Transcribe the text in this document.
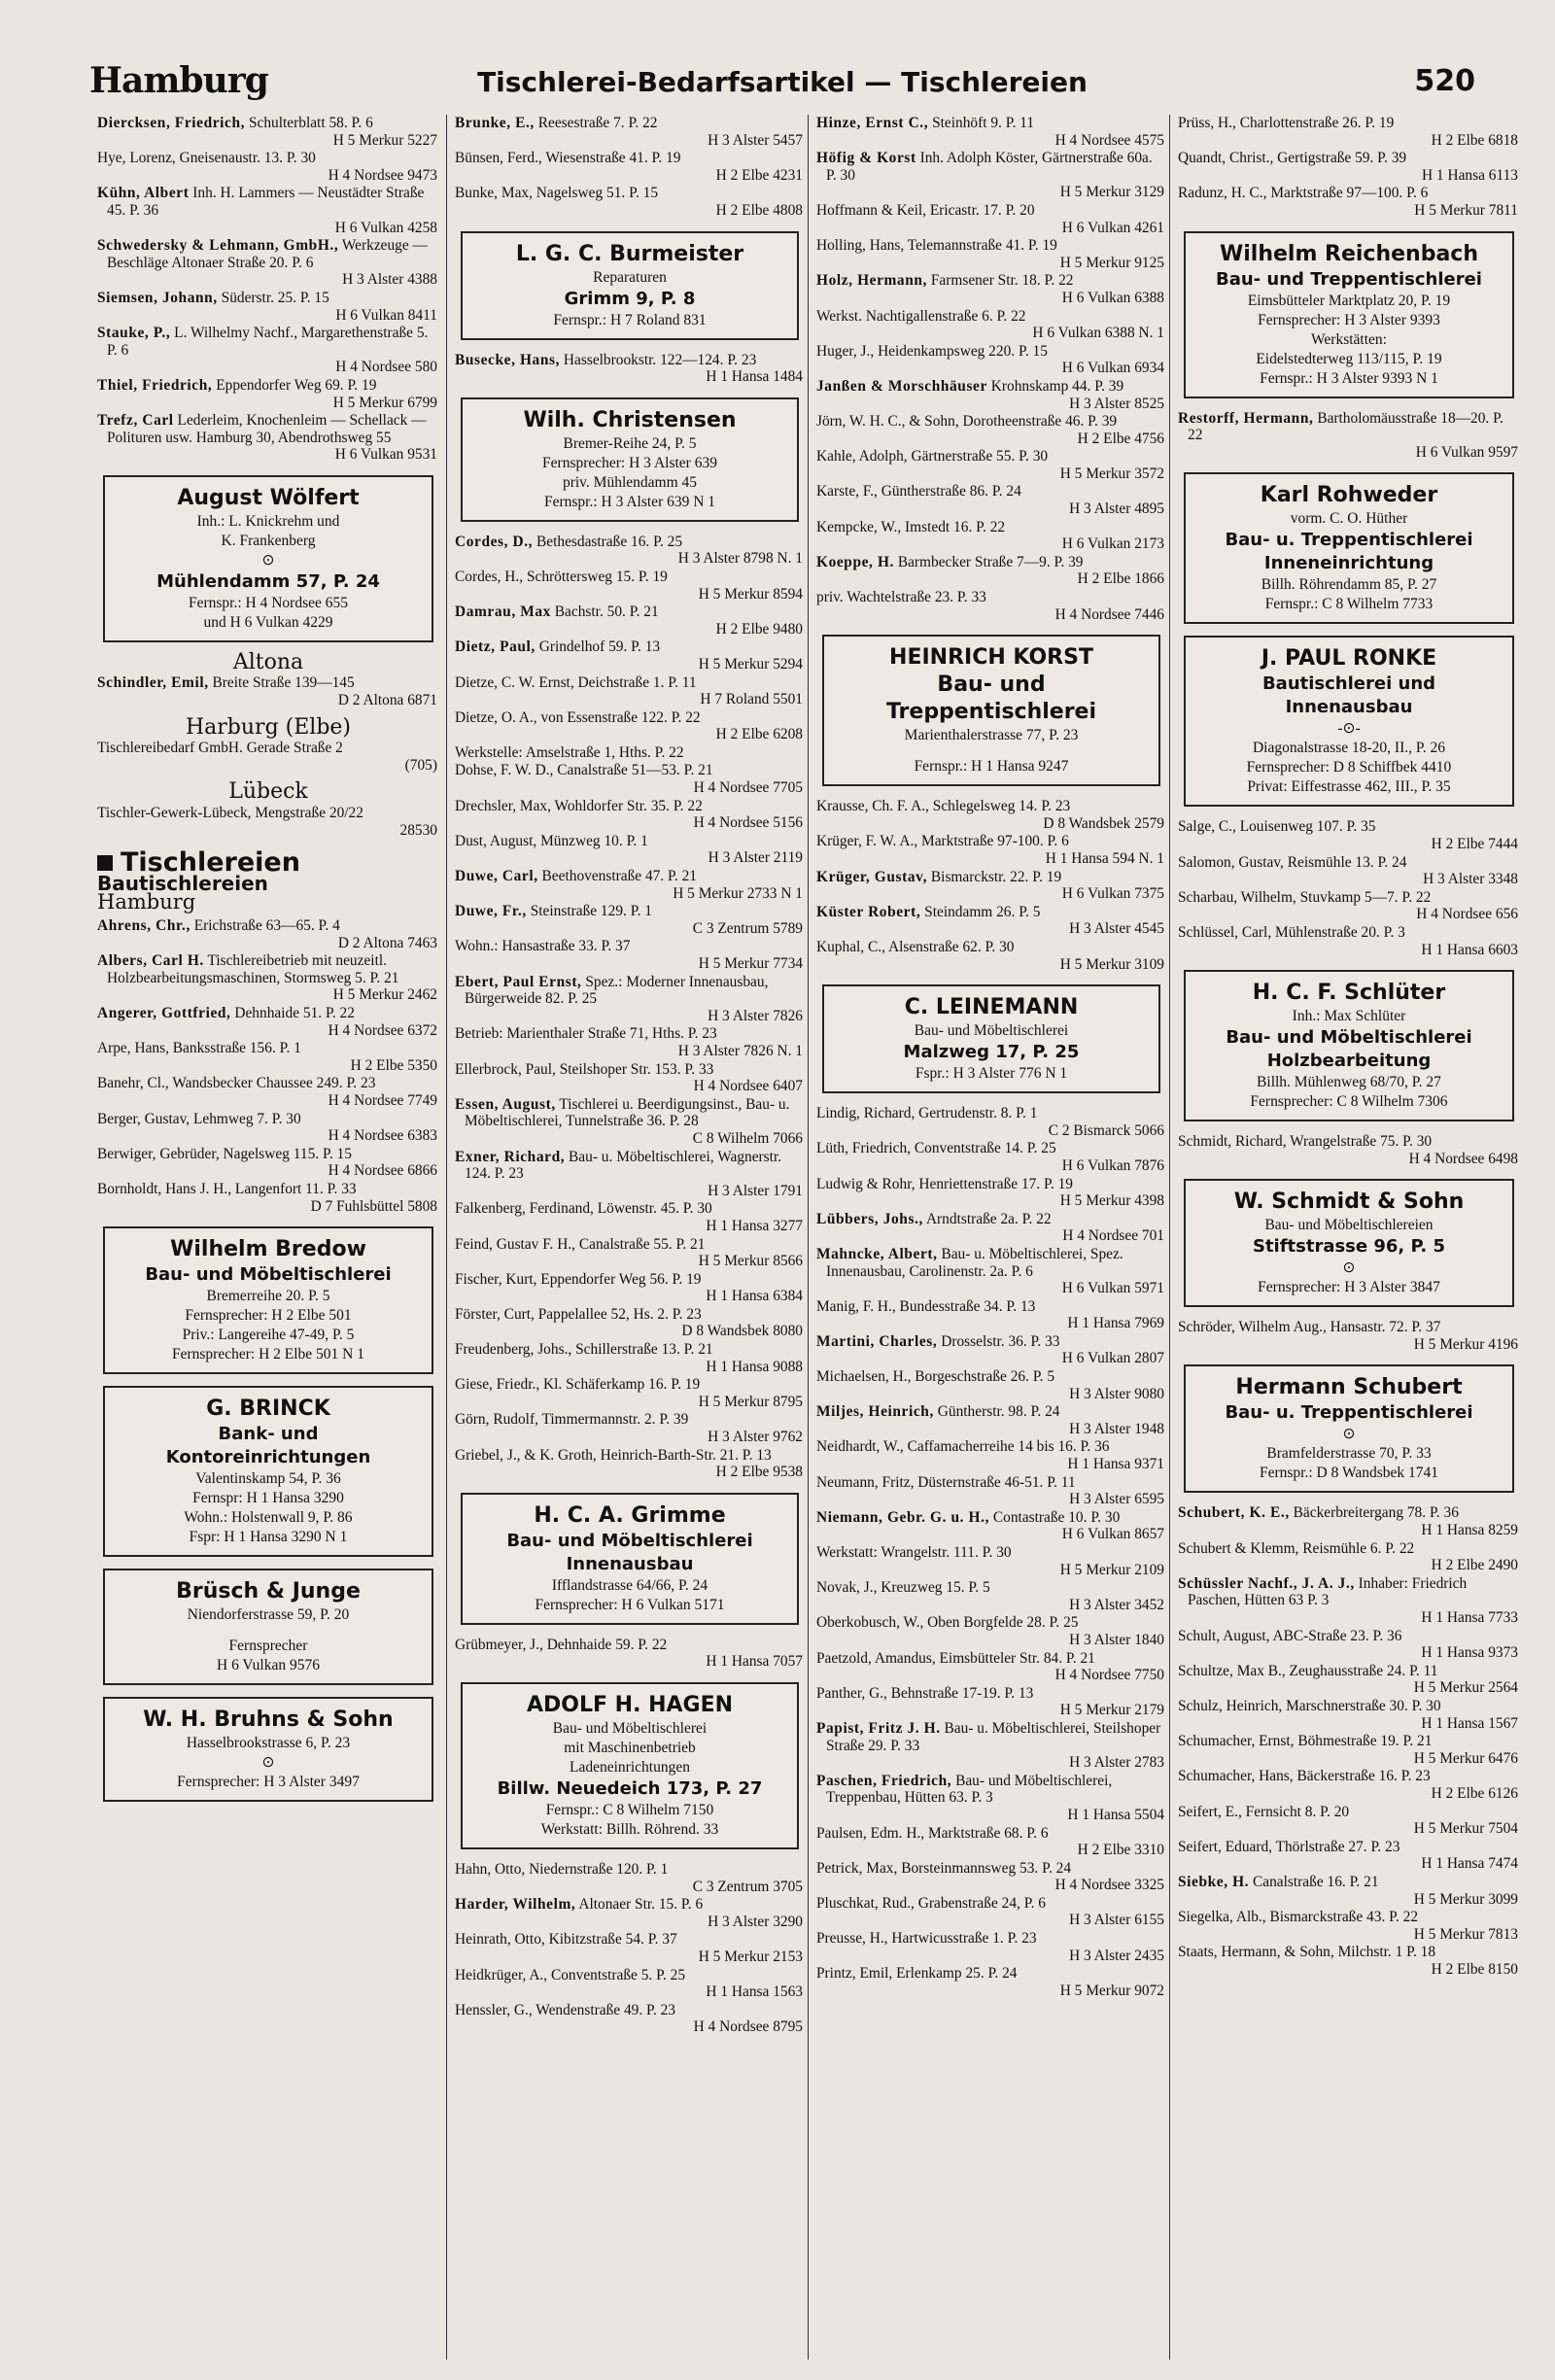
Tischlerei-Bedarfsartikel — Tischlereien
Hamburg	520
Diercksen, Friedrich, Schulterblatt 58. P. 6
H 5 Merkur 5227
Hye, Lorenz, Gneisenaustr. 13. P. 30
H 4 Nordsee 9473
Kühn, Albert Inh. H. Lammers — Neustädter Straße 45. P. 36
H 6 Vulkan 4258
Schwedersky & Lehmann, GmbH., Werkzeuge — Beschläge Altonaer Straße 20. P. 6
H 3 Alster 4388
Siemsen, Johann, Süderstr. 25. P. 15
H 6 Vulkan 8411
Stauke, P., L. Wilhelmy Nachf., Margarethenstraße 5. P. 6
H 4 Nordsee 580
Thiel, Friedrich, Eppendorfer Weg 69. P. 19
H 5 Merkur 6799
Trefz, Carl Lederleim, Knochenleim — Schellack — Polituren usw. Hamburg 30, Abendrothsweg 55
H 6 Vulkan 9531
August Wölfert
Inh.: L. Knickrehm und
K. Frankenberg
⊙
Mühlendamm 57, P. 24
Fernspr.: H 4 Nordsee 655
und H 6 Vulkan 4229
Altona
Schindler, Emil, Breite Straße 139—145
D 2 Altona 6871
Harburg (Elbe)
Tischlereibedarf GmbH. Gerade Straße 2
(705)
Lübeck
Tischler-Gewerk-Lübeck, Mengstraße 20/22
28530
Tischlereien
Bautischlereien
Hamburg
Ahrens, Chr., Erichstraße 63—65. P. 4
D 2 Altona 7463
Albers, Carl H. Tischlereibetrieb mit neuzeitl. Holzbearbeitungsmaschinen, Stormsweg 5. P. 21
H 5 Merkur 2462
Angerer, Gottfried, Dehnhaide 51. P. 22
H 4 Nordsee 6372
Arpe, Hans, Banksstraße 156. P. 1
H 2 Elbe 5350
Banehr, Cl., Wandsbecker Chaussee 249. P. 23
H 4 Nordsee 7749
Berger, Gustav, Lehmweg 7. P. 30
H 4 Nordsee 6383
Berwiger, Gebrüder, Nagelsweg 115. P. 15
H 4 Nordsee 6866
Bornholdt, Hans J. H., Langenfort 11. P. 33
D 7 Fuhlsbüttel 5808
Wilhelm Bredow
Bau- und Möbeltischlerei
Bremerreihe 20. P. 5
Fernsprecher: H 2 Elbe 501
Priv.: Langereihe 47-49, P. 5
Fernsprecher: H 2 Elbe 501 N 1
G. BRINCK
Bank- und
Kontoreinrichtungen
Valentinskamp 54, P. 36
Fernspr: H 1 Hansa 3290
Wohn.: Holstenwall 9, P. 86
Fspr: H 1 Hansa 3290 N 1
Brüsch & Junge
Niendorferstrasse 59, P. 20
Fernsprecher
H 6 Vulkan 9576
W. H. Bruhns & Sohn
Hasselbrookstrasse 6, P. 23
⊙
Fernsprecher: H 3 Alster 3497
Brunke, E., Reesestraße 7. P. 22
H 3 Alster 5457
Bünsen, Ferd., Wiesenstraße 41. P. 19
H 2 Elbe 4231
Bunke, Max, Nagelsweg 51. P. 15
H 2 Elbe 4808
L. G. C. Burmeister
Reparaturen
Grimm 9, P. 8
Fernspr.: H 7 Roland 831
Busecke, Hans, Hasselbrookstr. 122—124. P. 23
H 1 Hansa 1484
Wilh. Christensen
Bremer-Reihe 24, P. 5
Fernsprecher: H 3 Alster 639
priv. Mühlendamm 45
Fernspr.: H 3 Alster 639 N 1
Cordes, D., Bethesdastraße 16. P. 25
H 3 Alster 8798 N. 1
Cordes, H., Schröttersweg 15. P. 19
H 5 Merkur 8594
Damrau, Max Bachstr. 50. P. 21
H 2 Elbe 9480
Dietz, Paul, Grindelhof 59. P. 13
H 5 Merkur 5294
Dietze, C. W. Ernst, Deichstraße 1. P. 11
H 7 Roland 5501
Dietze, O. A., von Essenstraße 122. P. 22
H 2 Elbe 6208
Werkstelle: Amselstraße 1, Hths. P. 22
Dohse, F. W. D., Canalstraße 51—53. P. 21
H 4 Nordsee 7705
Drechsler, Max, Wohldorfer Str. 35. P. 22
H 4 Nordsee 5156
Dust, August, Münzweg 10. P. 1
H 3 Alster 2119
Duwe, Carl, Beethovenstraße 47. P. 21
H 5 Merkur 2733 N 1
Duwe, Fr., Steinstraße 129. P. 1
C 3 Zentrum 5789
Wohn.: Hansastraße 33. P. 37
H 5 Merkur 7734
Ebert, Paul Ernst, Spez.: Moderner Innenausbau, Bürgerweide 82. P. 25
H 3 Alster 7826
Betrieb: Marienthaler Straße 71, Hths. P. 23
H 3 Alster 7826 N. 1
Ellerbrock, Paul, Steilshoper Str. 153. P. 33
H 4 Nordsee 6407
Essen, August, Tischlerei u. Beerdigungsinst., Bau- u. Möbeltischlerei, Tunnelstraße 36. P. 28
C 8 Wilhelm 7066
Exner, Richard, Bau- u. Möbeltischlerei, Wagnerstr. 124. P. 23
H 3 Alster 1791
Falkenberg, Ferdinand, Löwenstr. 45. P. 30
H 1 Hansa 3277
Feind, Gustav F. H., Canalstraße 55. P. 21
H 5 Merkur 8566
Fischer, Kurt, Eppendorfer Weg 56. P. 19
H 1 Hansa 6384
Förster, Curt, Pappelallee 52, Hs. 2. P. 23
D 8 Wandsbek 8080
Freudenberg, Johs., Schillerstraße 13. P. 21
H 1 Hansa 9088
Giese, Friedr., Kl. Schäferkamp 16. P. 19
H 5 Merkur 8795
Görn, Rudolf, Timmermannstr. 2. P. 39
H 3 Alster 9762
Griebel, J., & K. Groth, Heinrich-Barth-Str. 21. P. 13
H 2 Elbe 9538
H. C. A. Grimme
Bau- und Möbeltischlerei
Innenausbau
Ifflandstrasse 64/66, P. 24
Fernsprecher: H 6 Vulkan 5171
Grübmeyer, J., Dehnhaide 59. P. 22
H 1 Hansa 7057
ADOLF H. HAGEN
Bau- und Möbeltischlerei
mit Maschinenbetrieb
Ladeneinrichtungen
Billw. Neuedeich 173, P. 27
Fernspr.: C 8 Wilhelm 7150
Werkstatt: Billh. Röhrend. 33
Hahn, Otto, Niedernstraße 120. P. 1
C 3 Zentrum 3705
Harder, Wilhelm, Altonaer Str. 15. P. 6
H 3 Alster 3290
Heinrath, Otto, Kibitzstraße 54. P. 37
H 5 Merkur 2153
Heidkrüger, A., Conventstraße 5. P. 25
H 1 Hansa 1563
Henssler, G., Wendenstraße 49. P. 23
H 4 Nordsee 8795
Hinze, Ernst C., Steinhöft 9. P. 11
H 4 Nordsee 4575
Höfig & Korst Inh. Adolph Köster, Gärtnerstraße 60a. P. 30
H 5 Merkur 3129
Hoffmann & Keil, Ericastr. 17. P. 20
H 6 Vulkan 4261
Holling, Hans, Telemannstraße 41. P. 19
H 5 Merkur 9125
Holz, Hermann, Farmsener Str. 18. P. 22
H 6 Vulkan 6388
Werkst. Nachtigallenstraße 6. P. 22
H 6 Vulkan 6388 N. 1
Huger, J., Heidenkampsweg 220. P. 15
H 6 Vulkan 6934
Janßen & Morschhäuser Krohnskamp 44. P. 39
H 3 Alster 8525
Jörn, W. H. C., & Sohn, Dorotheenstraße 46. P. 39
H 2 Elbe 4756
Kahle, Adolph, Gärtnerstraße 55. P. 30
H 5 Merkur 3572
Karste, F., Güntherstraße 86. P. 24
H 3 Alster 4895
Kempcke, W., Imstedt 16. P. 22
H 6 Vulkan 2173
Koeppe, H. Barmbecker Straße 7—9. P. 39
H 2 Elbe 1866
priv. Wachtelstraße 23. P. 33
H 4 Nordsee 7446
HEINRICH KORST
Bau- und
Treppentischlerei
Marienthalerstrasse 77, P. 23
Fernspr.: H 1 Hansa 9247
Krausse, Ch. F. A., Schlegelsweg 14. P. 23
D 8 Wandsbek 2579
Krüger, F. W. A., Marktstraße 97-100. P. 6
H 1 Hansa 594 N. 1
Krüger, Gustav, Bismarckstr. 22. P. 19
H 6 Vulkan 7375
Küster Robert, Steindamm 26. P. 5
H 3 Alster 4545
Kuphal, C., Alsenstraße 62. P. 30
H 5 Merkur 3109
C. LEINEMANN
Bau- und Möbeltischlerei
Malzweg 17, P. 25
Fspr.: H 3 Alster 776 N 1
Lindig, Richard, Gertrudenstr. 8. P. 1
C 2 Bismarck 5066
Lüth, Friedrich, Conventstraße 14. P. 25
H 6 Vulkan 7876
Ludwig & Rohr, Henriettenstraße 17. P. 19
H 5 Merkur 4398
Lübbers, Johs., Arndtstraße 2a. P. 22
H 4 Nordsee 701
Mahncke, Albert, Bau- u. Möbeltischlerei, Spez. Innenausbau, Carolinenstr. 2a. P. 6
H 6 Vulkan 5971
Manig, F. H., Bundesstraße 34. P. 13
H 1 Hansa 7969
Martini, Charles, Drosselstr. 36. P. 33
H 6 Vulkan 2807
Michaelsen, H., Borgeschstraße 26. P. 5
H 3 Alster 9080
Miljes, Heinrich, Güntherstr. 98. P. 24
H 3 Alster 1948
Neidhardt, W., Caffamacherreihe 14 bis 16. P. 36
H 1 Hansa 9371
Neumann, Fritz, Düsternstraße 46-51. P. 11
H 3 Alster 6595
Niemann, Gebr. G. u. H., Contastraße 10. P. 30
H 6 Vulkan 8657
Werkstatt: Wrangelstr. 111. P. 30
H 5 Merkur 2109
Novak, J., Kreuzweg 15. P. 5
H 3 Alster 3452
Oberkobusch, W., Oben Borgfelde 28. P. 25
H 3 Alster 1840
Paetzold, Amandus, Eimsbütteler Str. 84. P. 21
H 4 Nordsee 7750
Panther, G., Behnstraße 17-19. P. 13
H 5 Merkur 2179
Papist, Fritz J. H. Bau- u. Möbeltischlerei, Steilshoper Straße 29. P. 33
H 3 Alster 2783
Paschen, Friedrich, Bau- und Möbeltischlerei, Treppenbau, Hütten 63. P. 3
H 1 Hansa 5504
Paulsen, Edm. H., Marktstraße 68. P. 6
H 2 Elbe 3310
Petrick, Max, Borsteinmannsweg 53. P. 24
H 4 Nordsee 3325
Pluschkat, Rud., Grabenstraße 24, P. 6
H 3 Alster 6155
Preusse, H., Hartwicusstraße 1. P. 23
H 3 Alster 2435
Printz, Emil, Erlenkamp 25. P. 24
H 5 Merkur 9072
Prüss, H., Charlottenstraße 26. P. 19
H 2 Elbe 6818
Quandt, Christ., Gertigstraße 59. P. 39
H 1 Hansa 6113
Radunz, H. C., Marktstraße 97—100. P. 6
H 5 Merkur 7811
Wilhelm Reichenbach
Bau- und Treppentischlerei
Eimsbütteler Marktplatz 20, P. 19
Fernsprecher: H 3 Alster 9393
Werkstätten:
Eidelstedterweg 113/115, P. 19
Fernspr.: H 3 Alster 9393 N 1
Restorff, Hermann, Bartholomäusstraße 18—20. P. 22
H 6 Vulkan 9597
Karl Rohweder
vorm. C. O. Hüther
Bau- u. Treppentischlerei
Inneneinrichtung
Billh. Röhrendamm 85, P. 27
Fernspr.: C 8 Wilhelm 7733
J. PAUL RONKE
Bautischlerei und
Innenausbau
-⊙-
Diagonalstrasse 18-20, II., P. 26
Fernsprecher: D 8 Schiffbek 4410
Privat: Eiffestrasse 462, III., P. 35
Salge, C., Louisenweg 107. P. 35
H 2 Elbe 7444
Salomon, Gustav, Reismühle 13. P. 24
H 3 Alster 3348
Scharbau, Wilhelm, Stuvkamp 5—7. P. 22
H 4 Nordsee 656
Schlüssel, Carl, Mühlenstraße 20. P. 3
H 1 Hansa 6603
H. C. F. Schlüter
Inh.: Max Schlüter
Bau- und Möbeltischlerei
Holzbearbeitung
Billh. Mühlenweg 68/70, P. 27
Fernsprecher: C 8 Wilhelm 7306
Schmidt, Richard, Wrangelstraße 75. P. 30
H 4 Nordsee 6498
W. Schmidt & Sohn
Bau- und Möbeltischlereien
Stiftstrasse 96, P. 5
⊙
Fernsprecher: H 3 Alster 3847
Schröder, Wilhelm Aug., Hansastr. 72. P. 37
H 5 Merkur 4196
Hermann Schubert
Bau- u. Treppentischlerei
⊙
Bramfelderstrasse 70, P. 33
Fernspr.: D 8 Wandsbek 1741
Schubert, K. E., Bäckerbreitergang 78. P. 36
H 1 Hansa 8259
Schubert & Klemm, Reismühle 6. P. 22
H 2 Elbe 2490
Schüssler Nachf., J. A. J., Inhaber: Friedrich Paschen, Hütten 63 P. 3
H 1 Hansa 7733
Schult, August, ABC-Straße 23. P. 36
H 1 Hansa 9373
Schultze, Max B., Zeughausstraße 24. P. 11
H 5 Merkur 2564
Schulz, Heinrich, Marschnerstraße 30. P. 30
H 1 Hansa 1567
Schumacher, Ernst, Böhmestraße 19. P. 21
H 5 Merkur 6476
Schumacher, Hans, Bäckerstraße 16. P. 23
H 2 Elbe 6126
Seifert, E., Fernsicht 8. P. 20
H 5 Merkur 7504
Seifert, Eduard, Thörlstraße 27. P. 23
H 1 Hansa 7474
Siebke, H. Canalstraße 16. P. 21
H 5 Merkur 3099
Siegelka, Alb., Bismarckstraße 43. P. 22
H 5 Merkur 7813
Staats, Hermann, & Sohn, Milchstr. 1 P. 18
H 2 Elbe 8150
